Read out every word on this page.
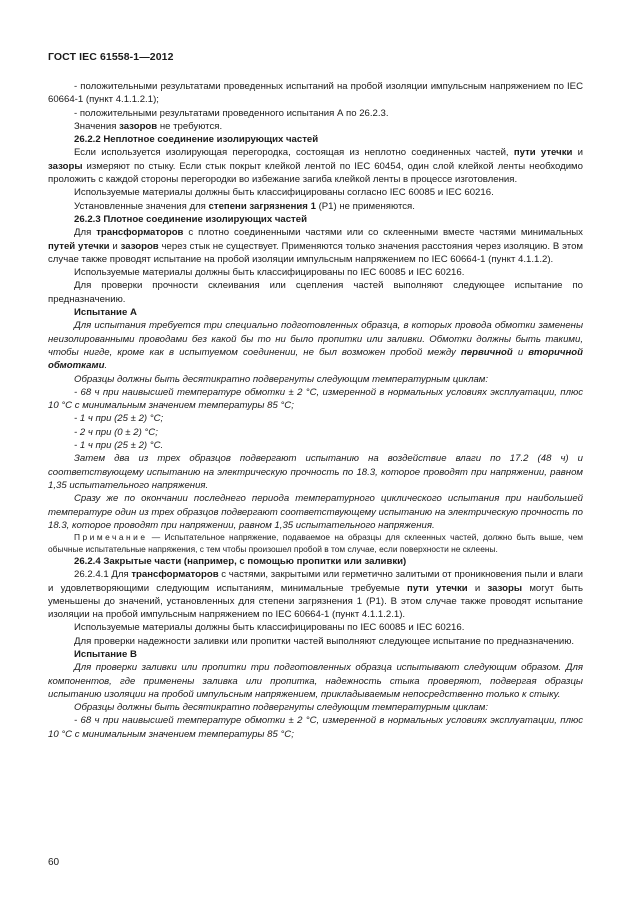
ГОСТ IEC 61558-1—2012

- положительными результатами проведенных испытаний на пробой изоляции импульсным напряжением по IEC 60664-1 (пункт 4.1.1.2.1);

- положительными результатами проведенного испытания А по 26.2.3.

Значения зазоров не требуются.

26.2.2 Неплотное соединение изолирующих частей

Если используется изолирующая перегородка, состоящая из неплотно соединенных частей, пути утечки и зазоры измеряют по стыку. Если стык покрыт клейкой лентой по IEC 60454, один слой клейкой ленты необходимо проложить с каждой стороны перегородки во избежание загиба клейкой ленты в процессе изготовления.

Используемые материалы должны быть классифицированы согласно IEC 60085 и IEC 60216.

Установленные значения для степени загрязнения 1 (P1) не применяются.

26.2.3 Плотное соединение изолирующих частей

Для трансформаторов с плотно соединенными частями или со склеенными вместе частями минимальных путей утечки и зазоров через стык не существует. Применяются только значения расстояния через изоляцию. В этом случае также проводят испытание на пробой изоляции импульсным напряжением по IEC 60664-1 (пункт 4.1.1.2).

Используемые материалы должны быть классифицированы по IEC 60085 и IEC 60216.

Для проверки прочности склеивания или сцепления частей выполняют следующее испытание по предназначению.

Испытание А

Для испытания требуется три специально подготовленных образца, в которых провода обмотки заменены неизолированными проводами без какой бы то ни было пропитки или заливки. Обмотки должны быть такими, чтобы нигде, кроме как в испытуемом соединении, не был возможен пробой между первичной и вторичной обмотками.

Образцы должны быть десятикратно подвергнуты следующим температурным циклам:

- 68 ч при наивысшей температуре обмотки ± 2 °С, измеренной в нормальных условиях эксплуатации, плюс 10 °С с минимальным значением температуры 85 °С;

- 1 ч при (25 ± 2) °С;

- 2 ч при (0 ± 2) °С;

- 1 ч при (25 ± 2) °С.

Затем два из трех образцов подвергают испытанию на воздействие влаги по 17.2 (48 ч) и соответствующему испытанию на электрическую прочность по 18.3, которое проводят при напряжении, равном 1,35 испытательного напряжения.

Сразу же по окончании последнего периода температурного циклического испытания при наибольшей температуре один из трех образцов подвергают соответствующему испытанию на электрическую прочность по 18.3, которое проводят при напряжении, равном 1,35 испытательного напряжения.

Примечание — Испытательное напряжение, подаваемое на образцы для склеенных частей, должно быть выше, чем обычные испытательные напряжения, с тем чтобы произошел пробой в том случае, если поверхности не склеены.

26.2.4 Закрытые части (например, с помощью пропитки или заливки)

26.2.4.1 Для трансформаторов с частями, закрытыми или герметично залитыми от проникновения пыли и влаги и удовлетворяющими следующим испытаниям, минимальные требуемые пути утечки и зазоры могут быть уменьшены до значений, установленных для степени загрязнения 1 (P1). В этом случае также проводят испытание изоляции на пробой импульсным напряжением по IEC 60664-1 (пункт 4.1.1.2.1).

Используемые материалы должны быть классифицированы по IEC 60085 и IEC 60216.

Для проверки надежности заливки или пропитки частей выполняют следующее испытание по предназначению.

Испытание В

Для проверки заливки или пропитки три подготовленных образца испытывают следующим образом. Для компонентов, где применены заливка или пропитка, надежность стыка проверяют, подвергая образцы испытанию изоляции на пробой импульсным напряжением, прикладываемым непосредственно только к стыку.

Образцы должны быть десятикратно подвергнуты следующим температурным циклам:

- 68 ч при наивысшей температуре обмотки ± 2 °С, измеренной в нормальных условиях эксплуатации, плюс 10 °С с минимальным значением температуры 85 °С;

60
